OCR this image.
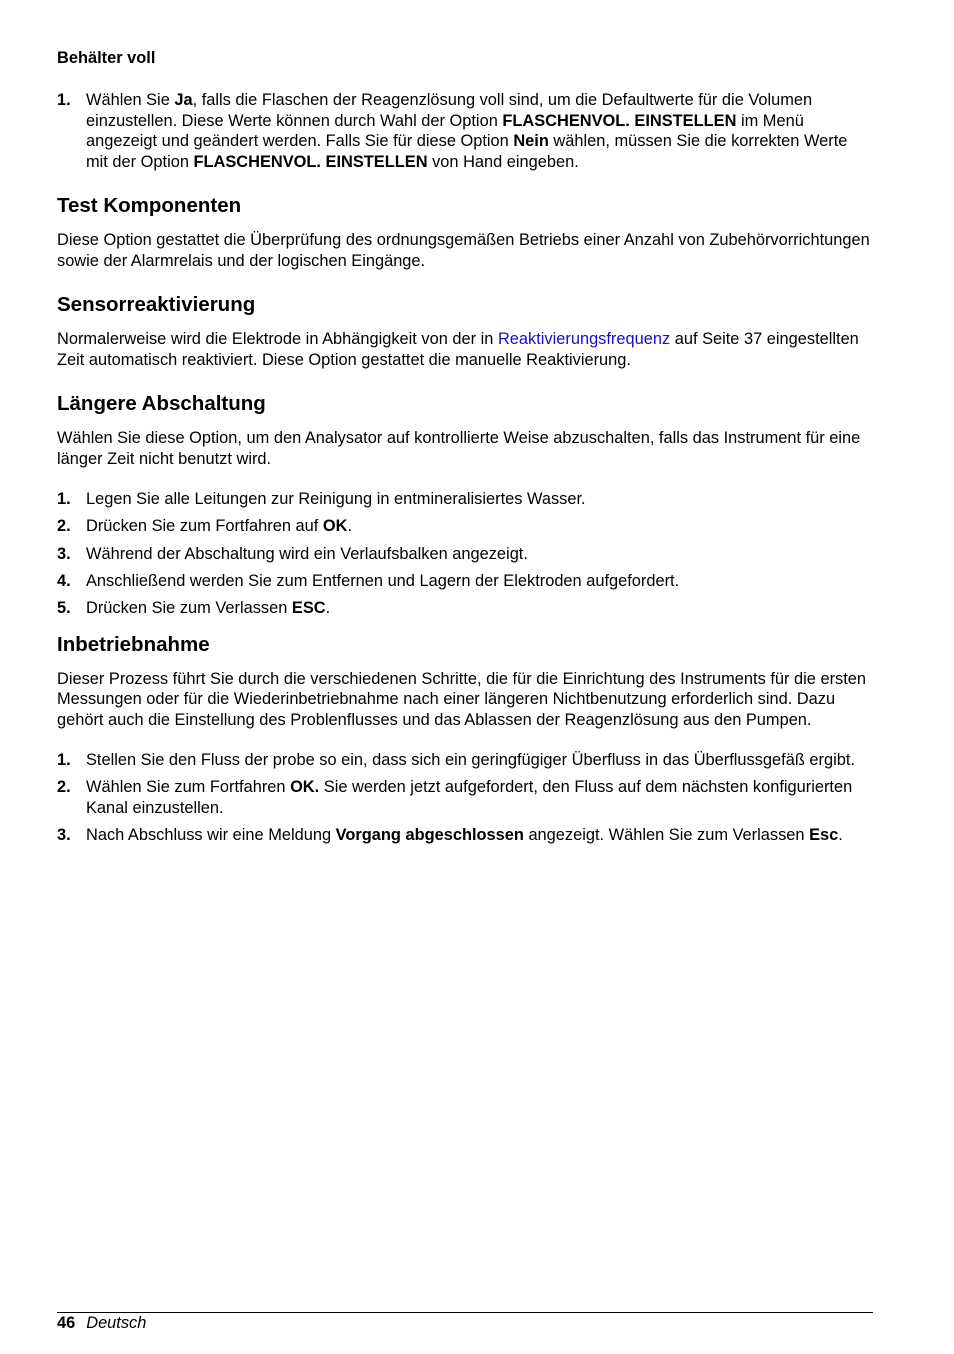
Behälter voll
1. Wählen Sie Ja, falls die Flaschen der Reagenzlösung voll sind, um die Defaultwerte für die Volumen einzustellen. Diese Werte können durch Wahl der Option FLASCHENVOL. EINSTELLEN im Menü angezeigt und geändert werden. Falls Sie für diese Option Nein wählen, müssen Sie die korrekten Werte mit der Option FLASCHENVOL. EINSTELLEN von Hand eingeben.
Test Komponenten

Diese Option gestattet die Überprüfung des ordnungsgemäßen Betriebs einer Anzahl von Zubehörvorrichtungen sowie der Alarmrelais und der logischen Eingänge.

Sensorreaktivierung

Normalerweise wird die Elektrode in Abhängigkeit von der in Reaktivierungsfrequenz auf Seite 37 eingestellten Zeit automatisch reaktiviert. Diese Option gestattet die manuelle Reaktivierung.

Längere Abschaltung

Wählen Sie diese Option, um den Analysator auf kontrollierte Weise abzuschalten, falls das Instrument für eine länger Zeit nicht benutzt wird.

1. Legen Sie alle Leitungen zur Reinigung in entmineralisiertes Wasser.
2. Drücken Sie zum Fortfahren auf OK.
3. Während der Abschaltung wird ein Verlaufsbalken angezeigt.
4. Anschließend werden Sie zum Entfernen und Lagern der Elektroden aufgefordert.
5. Drücken Sie zum Verlassen ESC.
Inbetriebnahme

Dieser Prozess führt Sie durch die verschiedenen Schritte, die für die Einrichtung des Instruments für die ersten Messungen oder für die Wiederinbetriebnahme nach einer längeren Nichtbenutzung erforderlich sind. Dazu gehört auch die Einstellung des Problenflusses und das Ablassen der Reagenzlösung aus den Pumpen.

1. Stellen Sie den Fluss der probe so ein, dass sich ein geringfügiger Überfluss in das Überflussgefäß ergibt.
2. Wählen Sie zum Fortfahren OK. Sie werden jetzt aufgefordert, den Fluss auf dem nächsten konfigurierten Kanal einzustellen.
3. Nach Abschluss wir eine Meldung Vorgang abgeschlossen angezeigt. Wählen Sie zum Verlassen Esc.
46 Deutsch
